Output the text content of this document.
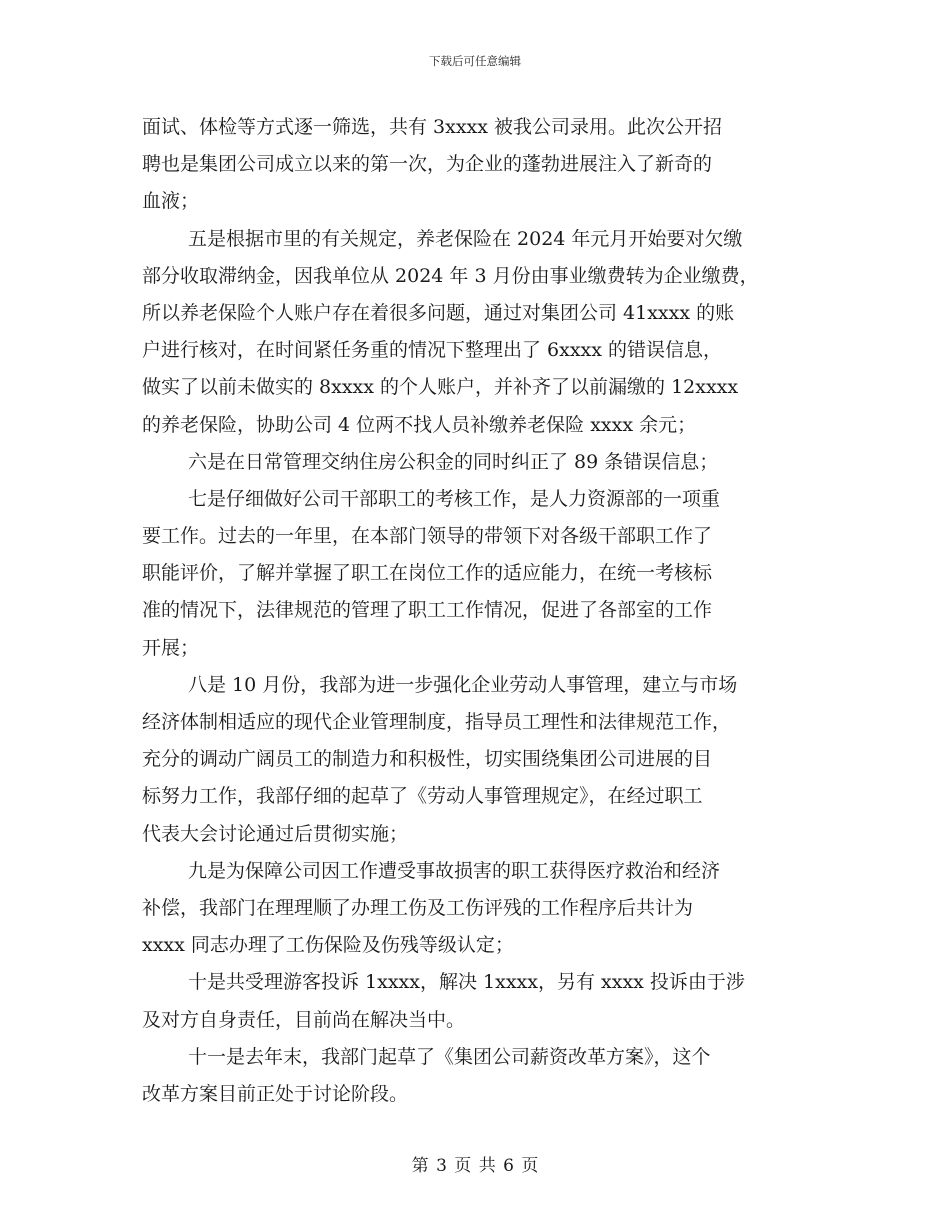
下载后可任意编辑

面试、体检等方式逐一筛选，共有 3xxxx 被我公司录用。此次公开招
聘也是集团公司成立以来的第一次，为企业的蓬勃进展注入了新奇的
血液；

五是根据市里的有关规定，养老保险在 2024 年元月开始要对欠缴
部分收取滞纳金，因我单位从 2024 年 3 月份由事业缴费转为企业缴费，
所以养老保险个人账户存在着很多问题，通过对集团公司 41xxxx 的账
户进行核对，在时间紧任务重的情况下整理出了 6xxxx 的错误信息，
做实了以前未做实的 8xxxx 的个人账户，并补齐了以前漏缴的 12xxxx
的养老保险，协助公司 4 位两不找人员补缴养老保险 xxxx 余元；

六是在日常管理交纳住房公积金的同时纠正了 89 条错误信息；

七是仔细做好公司干部职工的考核工作，是人力资源部的一项重
要工作。过去的一年里，在本部门领导的带领下对各级干部职工作了
职能评价，了解并掌握了职工在岗位工作的适应能力，在统一考核标
准的情况下，法律规范的管理了职工工作情况，促进了各部室的工作
开展；

八是 10 月份，我部为进一步强化企业劳动人事管理，建立与市场
经济体制相适应的现代企业管理制度，指导员工理性和法律规范工作，
充分的调动广阔员工的制造力和积极性，切实围绕集团公司进展的目
标努力工作，我部仔细的起草了《劳动人事管理规定》，在经过职工
代表大会讨论通过后贯彻实施；

九是为保障公司因工作遭受事故损害的职工获得医疗救治和经济
补偿，我部门在理理顺了办理工伤及工伤评残的工作程序后共计为
xxxx 同志办理了工伤保险及伤残等级认定；

十是共受理游客投诉 1xxxx，解决 1xxxx，另有 xxxx 投诉由于涉
及对方自身责任，目前尚在解决当中。

十一是去年末，我部门起草了《集团公司薪资改革方案》，这个
改革方案目前正处于讨论阶段。

第 3 页 共 6 页
